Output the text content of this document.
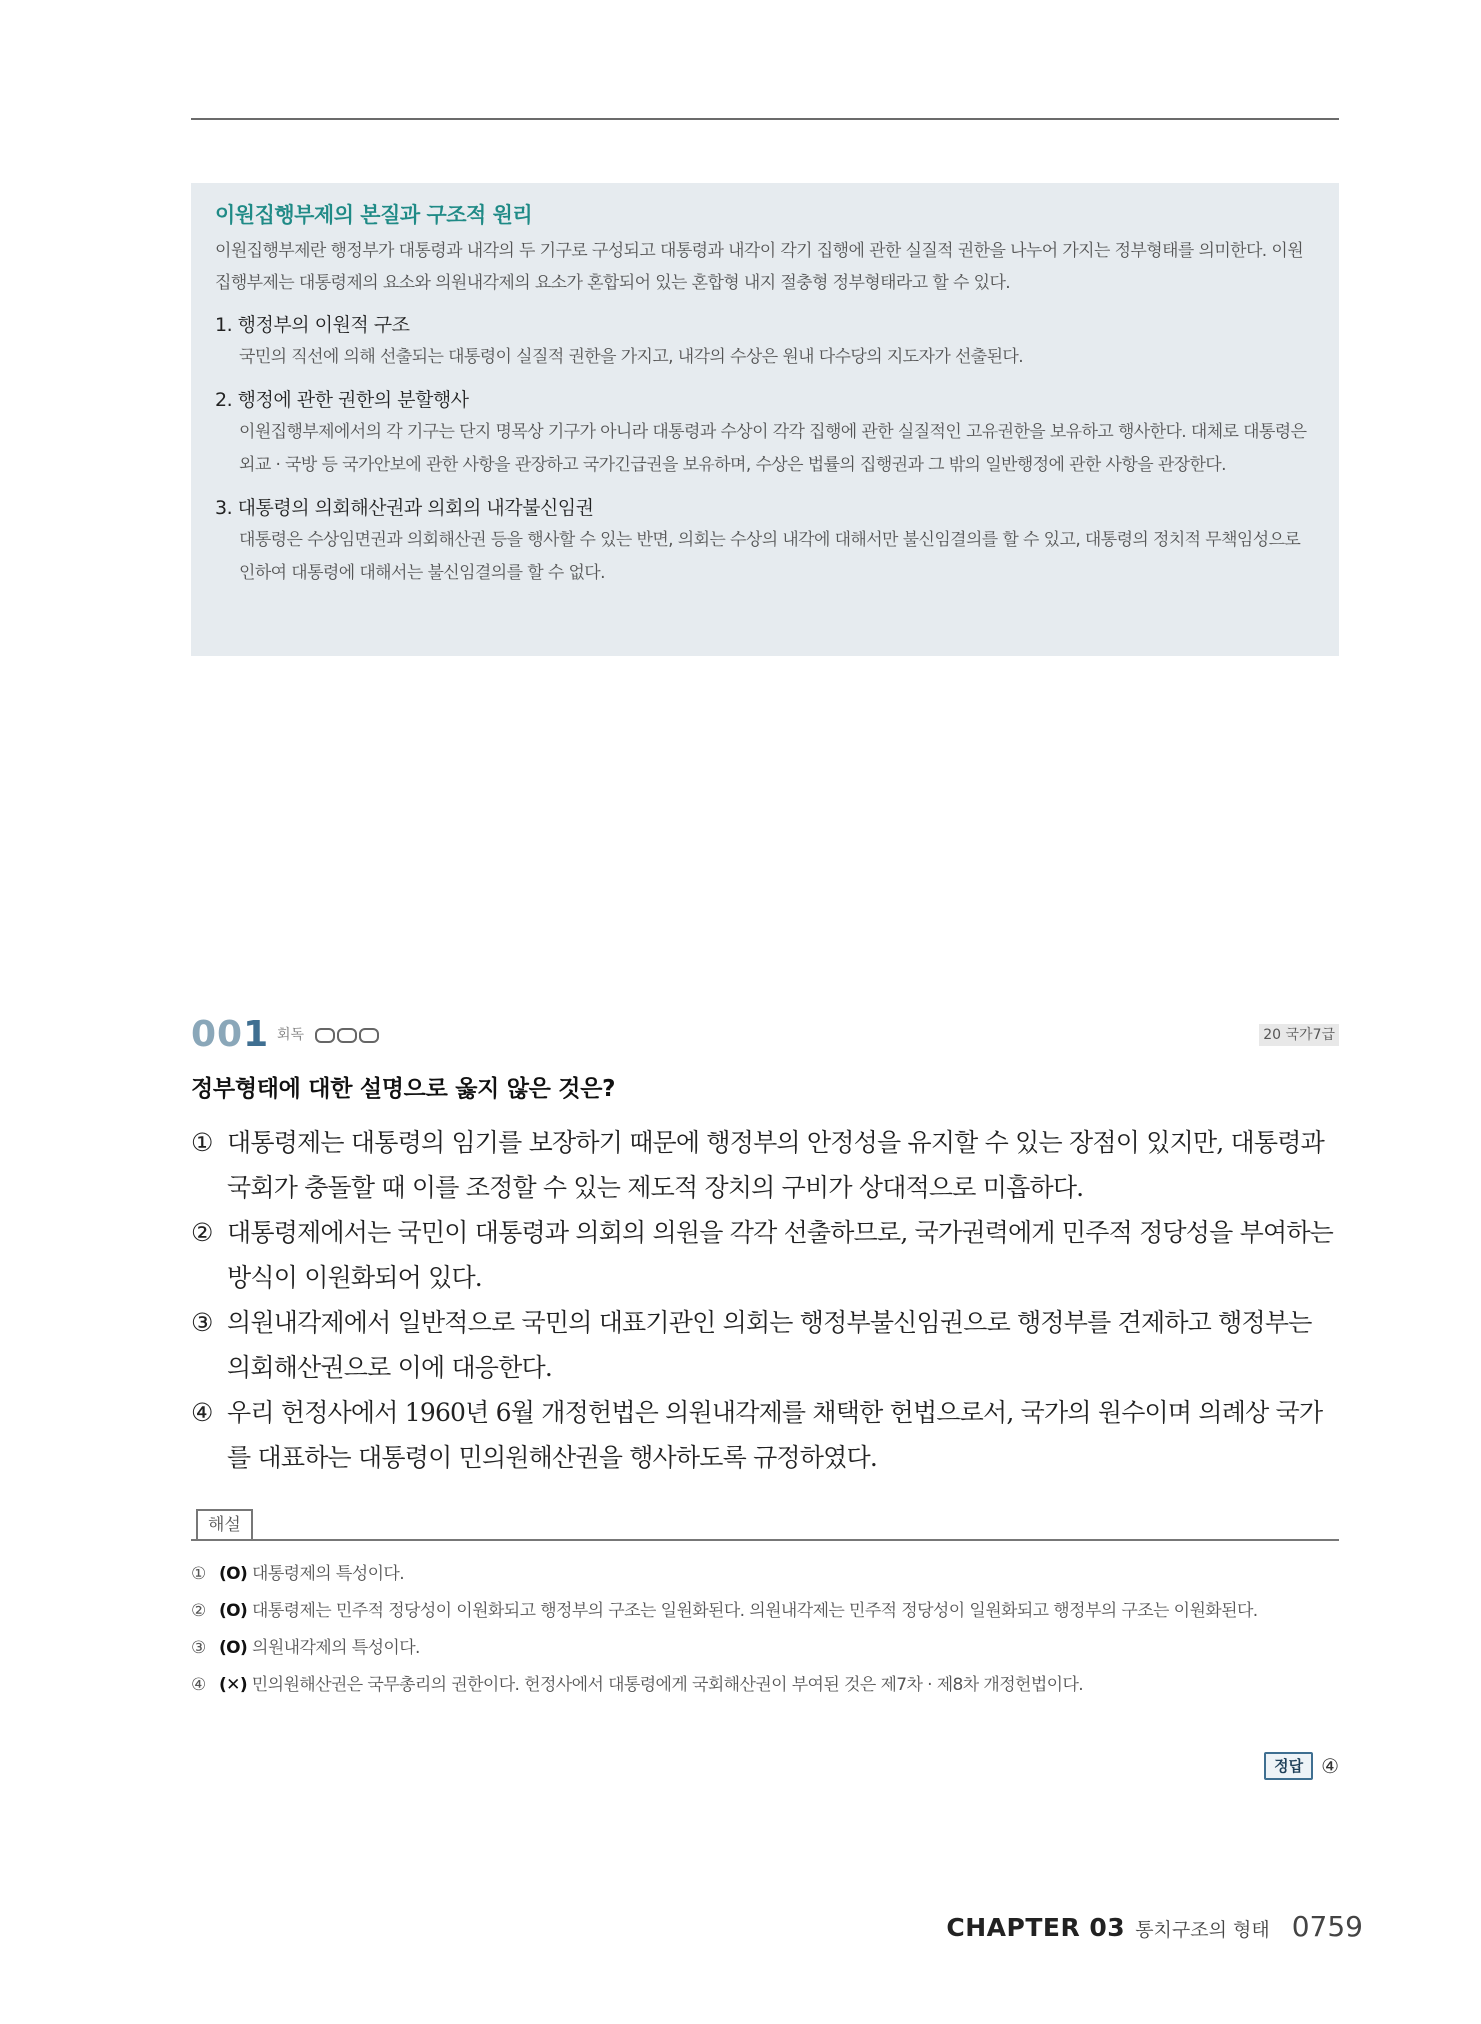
이원집행부제의 본질과 구조적 원리
이원집행부제란 행정부가 대통령과 내각의 두 기구로 구성되고 대통령과 내각이 각기 집행에 관한 실질적 권한을 나누어 가지는 정부형태를 의미한다. 이원집행부제는 대통령제의 요소와 의원내각제의 요소가 혼합되어 있는 혼합형 내지 절충형 정부형태라고 할 수 있다.
1. 행정부의 이원적 구조
국민의 직선에 의해 선출되는 대통령이 실질적 권한을 가지고, 내각의 수상은 원내 다수당의 지도자가 선출된다.
2. 행정에 관한 권한의 분할행사
이원집행부제에서의 각 기구는 단지 명목상 기구가 아니라 대통령과 수상이 각각 집행에 관한 실질적인 고유권한을 보유하고 행사한다. 대체로 대통령은 외교 · 국방 등 국가안보에 관한 사항을 관장하고 국가긴급권을 보유하며, 수상은 법률의 집행권과 그 밖의 일반행정에 관한 사항을 관장한다.
3. 대통령의 의회해산권과 의회의 내각불신임권
대통령은 수상임면권과 의회해산권 등을 행사할 수 있는 반면, 의회는 수상의 내각에 대해서만 불신임결의를 할 수 있고, 대통령의 정치적 무책임성으로 인하여 대통령에 대해서는 불신임결의를 할 수 없다.
001 회독	20 국가7급
정부형태에 대한 설명으로 옳지 않은 것은?
① 대통령제는 대통령의 임기를 보장하기 때문에 행정부의 안정성을 유지할 수 있는 장점이 있지만, 대통령과 국회가 충돌할 때 이를 조정할 수 있는 제도적 장치의 구비가 상대적으로 미흡하다.
② 대통령제에서는 국민이 대통령과 의회의 의원을 각각 선출하므로, 국가권력에게 민주적 정당성을 부여하는 방식이 이원화되어 있다.
③ 의원내각제에서 일반적으로 국민의 대표기관인 의회는 행정부불신임권으로 행정부를 견제하고 행정부는 의회해산권으로 이에 대응한다.
④ 우리 헌정사에서 1960년 6월 개정헌법은 의원내각제를 채택한 헌법으로서, 국가의 원수이며 의례상 국가를 대표하는 대통령이 민의원해산권을 행사하도록 규정하였다.
해설
① (O) 대통령제의 특성이다.
② (O) 대통령제는 민주적 정당성이 이원화되고 행정부의 구조는 일원화된다. 의원내각제는 민주적 정당성이 일원화되고 행정부의 구조는 이원화된다.
③ (O) 의원내각제의 특성이다.
④ (✕) 민의원해산권은 국무총리의 권한이다. 헌정사에서 대통령에게 국회해산권이 부여된 것은 제7차 · 제8차 개정헌법이다.
정답 ④
CHAPTER 03 통치구조의 형태 0759
